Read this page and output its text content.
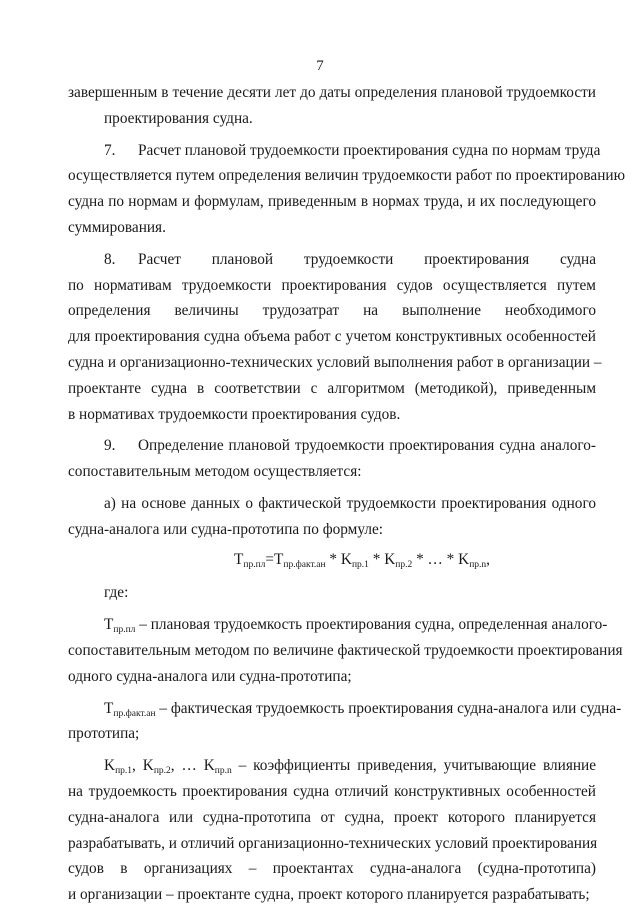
7
завершенным в течение десяти лет до даты определения плановой трудоемкости
проектирования судна.
7. Расчет плановой трудоемкости проектирования судна по нормам труда
осуществляется путем определения величин трудоемкости работ по проектированию
судна по нормам и формулам, приведенным в нормах труда, и их последующего
суммирования.
8. Расчет плановой трудоемкости проектирования судна
по нормативам трудоемкости проектирования судов осуществляется путем
определения величины трудозатрат на выполнение необходимого
для проектирования судна объема работ с учетом конструктивных особенностей
судна и организационно-технических условий выполнения работ в организации –
проектанте судна в соответствии с алгоритмом (методикой), приведенным
в нормативах трудоемкости проектирования судов.
9. Определение плановой трудоемкости проектирования судна аналого-
сопоставительным методом осуществляется:
а) на основе данных о фактической трудоемкости проектирования одного
судна-аналога или судна-прототипа по формуле:
$T_{пр.пл}=T_{пр.факт.ан} * K_{пр.1} * K_{пр.2}$ * … * $K_{пр.n}$,
где:
$T_{пр.пл}$ – плановая трудоемкость проектирования судна, определенная аналого-
сопоставительным методом по величине фактической трудоемкости проектирования
одного судна-аналога или судна-прототипа;
$T_{пр.факт.ан}$ – фактическая трудоемкость проектирования судна-аналога или судна-
прототипа;
$K_{пр.1}$, $K_{пр.2}$, … $K_{пр.n}$ – коэффициенты приведения, учитывающие влияние
на трудоемкость проектирования судна отличий конструктивных особенностей
судна-аналога или судна-прототипа от судна, проект которого планируется
разрабатывать, и отличий организационно-технических условий проектирования
судов в организациях – проектантах судна-аналога (судна-прототипа)
и организации – проектанте судна, проект которого планируется разрабатывать;
